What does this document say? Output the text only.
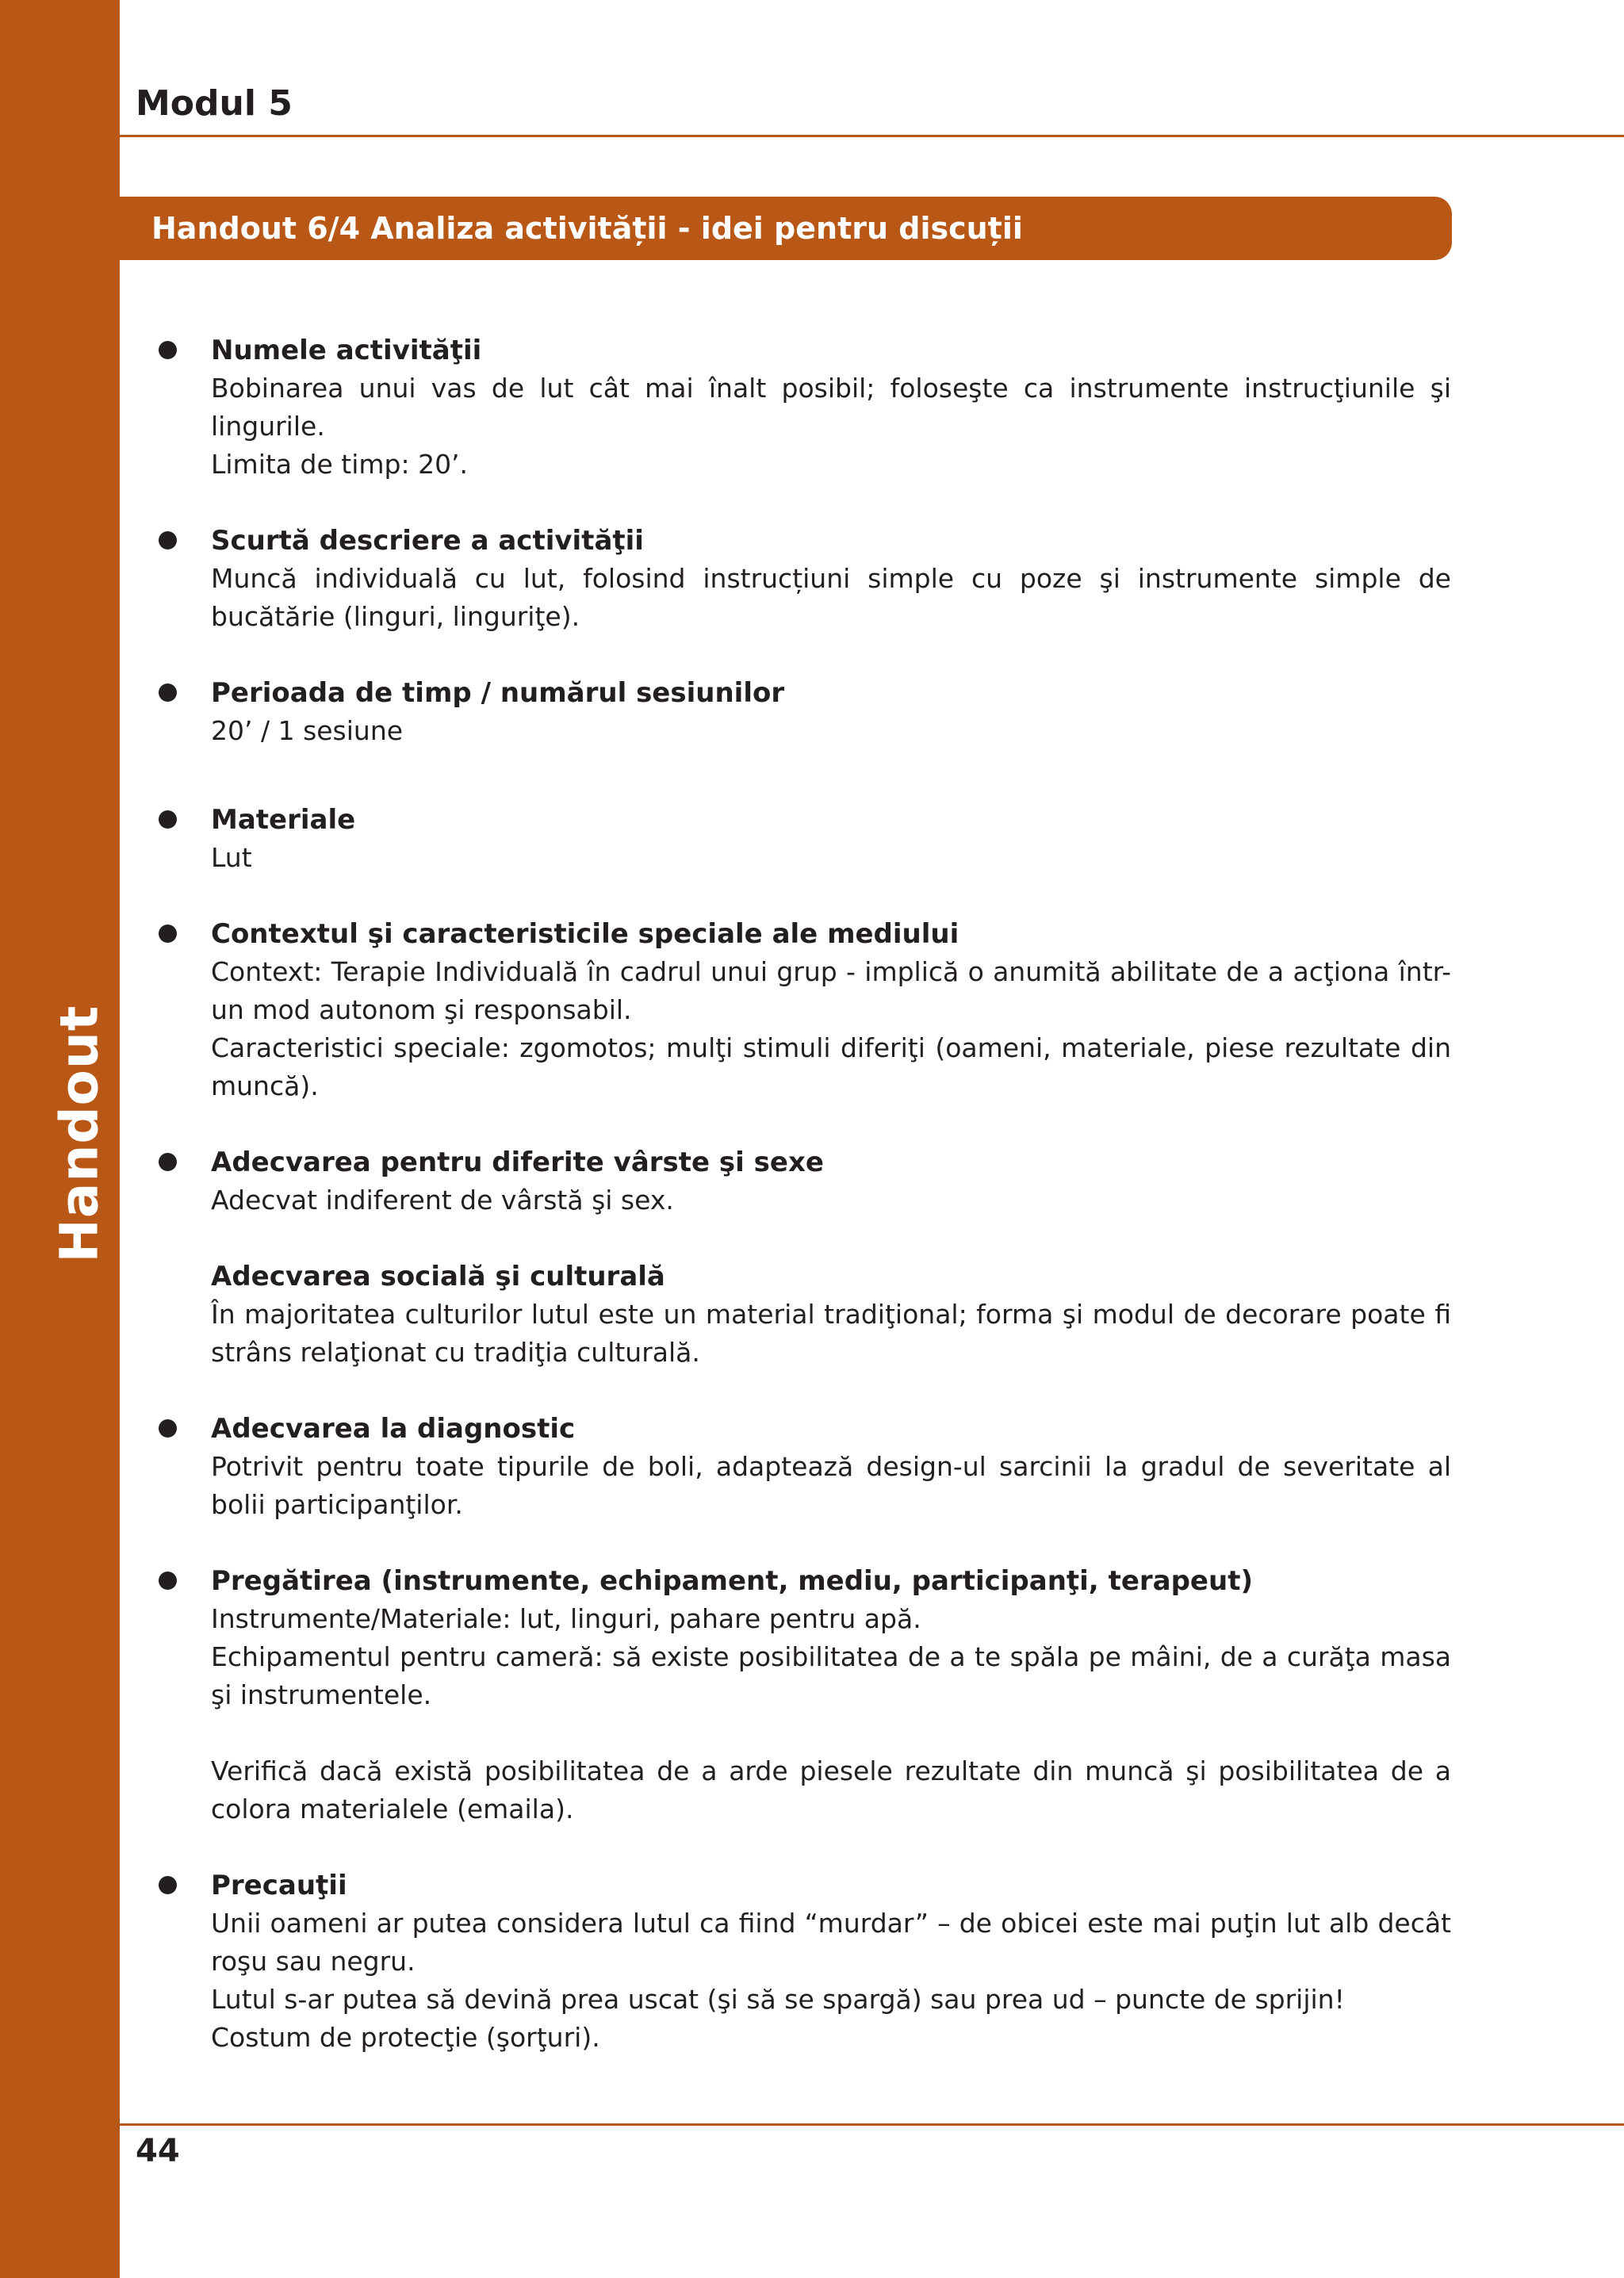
Handout
Modul 5
Handout 6/4 Analiza activității - idei pentru discuții

Numele activităţii

Bobinarea unui vas de lut cât mai înalt posibil; foloseşte ca instrumente instrucţiunile şi lingurile.

Limita de timp: 20’.

Scurtă descriere a activităţii

Muncă individuală cu lut, folosind instrucțiuni simple cu poze şi instrumente simple de bucătărie (linguri, linguriţe).

Perioada de timp / numărul sesiunilor

20’ / 1 sesiune

Materiale

Lut

Contextul şi caracteristicile speciale ale mediului

Context: Terapie Individuală în cadrul unui grup - implică o anumită abilitate de a acţiona într-un mod autonom şi responsabil.

Caracteristici speciale: zgomotos; mulţi stimuli diferiţi (oameni, materiale, piese rezultate din muncă).

Adecvarea pentru diferite vârste şi sexe

Adecvat indiferent de vârstă şi sex.

Adecvarea socială şi culturală

În majoritatea culturilor lutul este un material tradiţional; forma şi modul de decorare poate fi strâns relaţionat cu tradiţia culturală.

Adecvarea la diagnostic

Potrivit pentru toate tipurile de boli, adaptează design-ul sarcinii la gradul de severitate al bolii participanţilor.

Pregătirea (instrumente, echipament, mediu, participanţi, terapeut)

Instrumente/Materiale: lut, linguri, pahare pentru apă.

Echipamentul pentru cameră: să existe posibilitatea de a te spăla pe mâini, de a curăţa masa şi instrumentele.

Verifică dacă există posibilitatea de a arde piesele rezultate din muncă şi posibilitatea de a colora materialele (emaila).

Precauţii

Unii oameni ar putea considera lutul ca fiind “murdar” – de obicei este mai puţin lut alb decât roşu sau negru.

Lutul s-ar putea să devină prea uscat (şi să se spargă) sau prea ud – puncte de sprijin!

Costum de protecţie (şorţuri).

44
